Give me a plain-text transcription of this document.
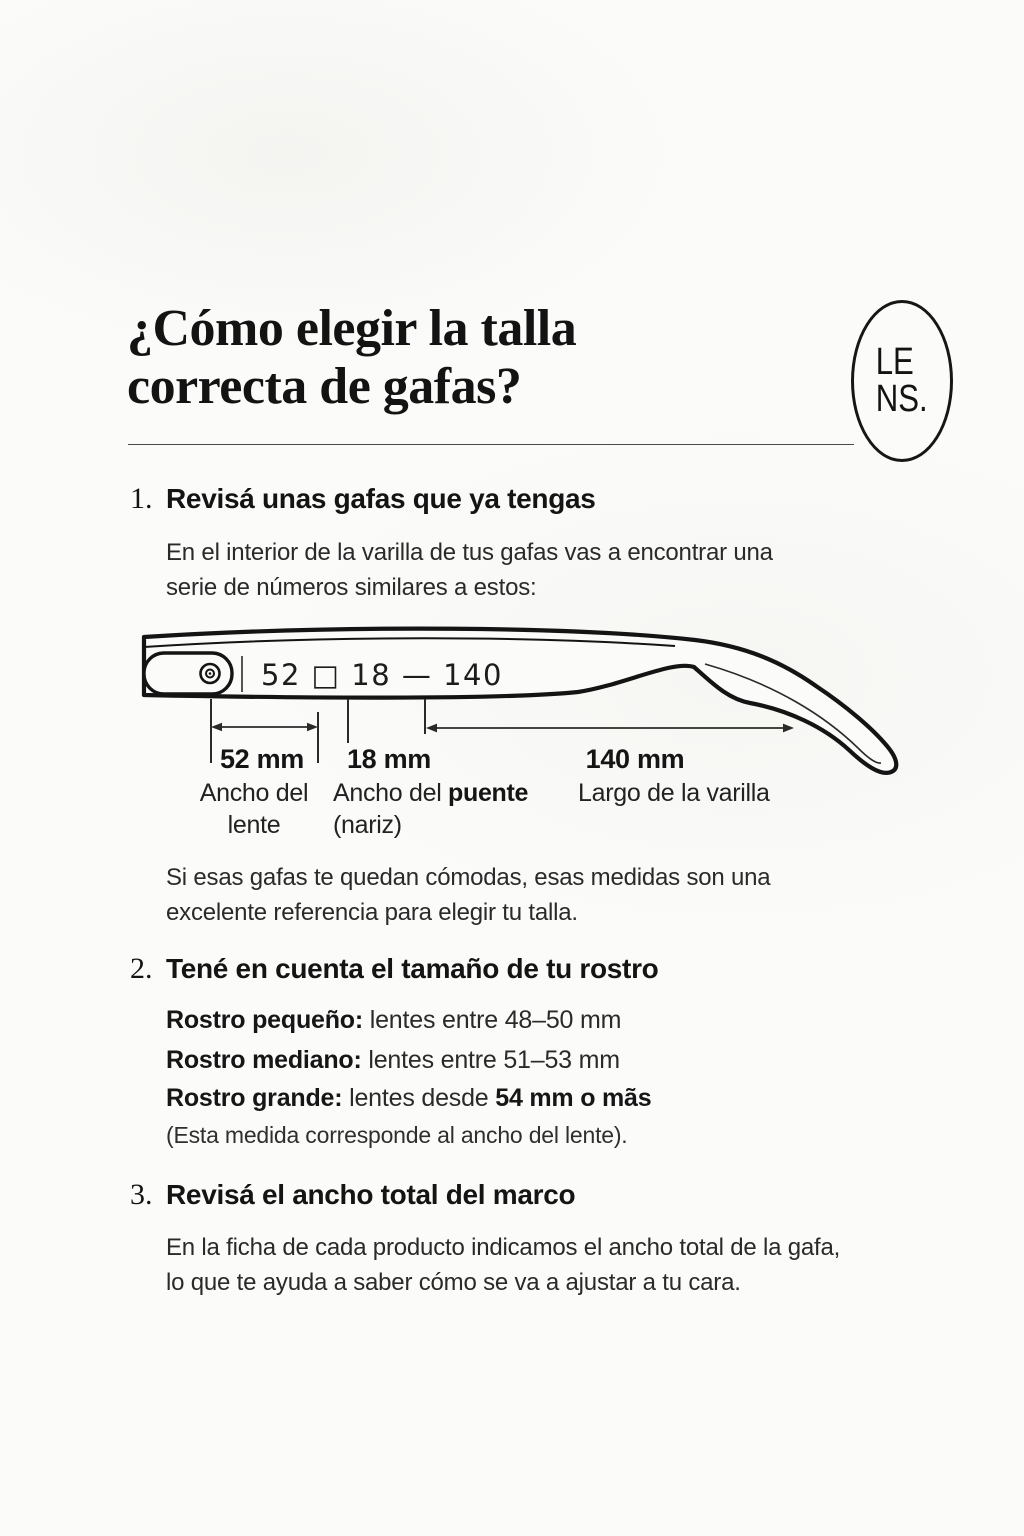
¿Cómo elegir la talla
correcta de gafas?	LE
NS.
1. Revisá unas gafas que ya tengas
En el interior de la varilla de tus gafas vas a encontrar una
serie de números similares a estos:
52 □ 18 — 140
52 mm 18 mm	140 mm
Ancho del
lente
Ancho del puente
(nariz)
Largo de la varilla
Si esas gafas te quedan cómodas, esas medidas son una
excelente referencia para elegir tu talla.
2. Tené en cuenta el tamaño de tu rostro
Rostro pequeño: lentes entre 48–50 mm
Rostro mediano: lentes entre 51–53 mm
Rostro grande: lentes desde 54 mm o mãs
(Esta medida corresponde al ancho del lente).
3. Revisá el ancho total del marco
En la ficha de cada producto indicamos el ancho total de la gafa,
lo que te ayuda a saber cómo se va a ajustar a tu cara.
